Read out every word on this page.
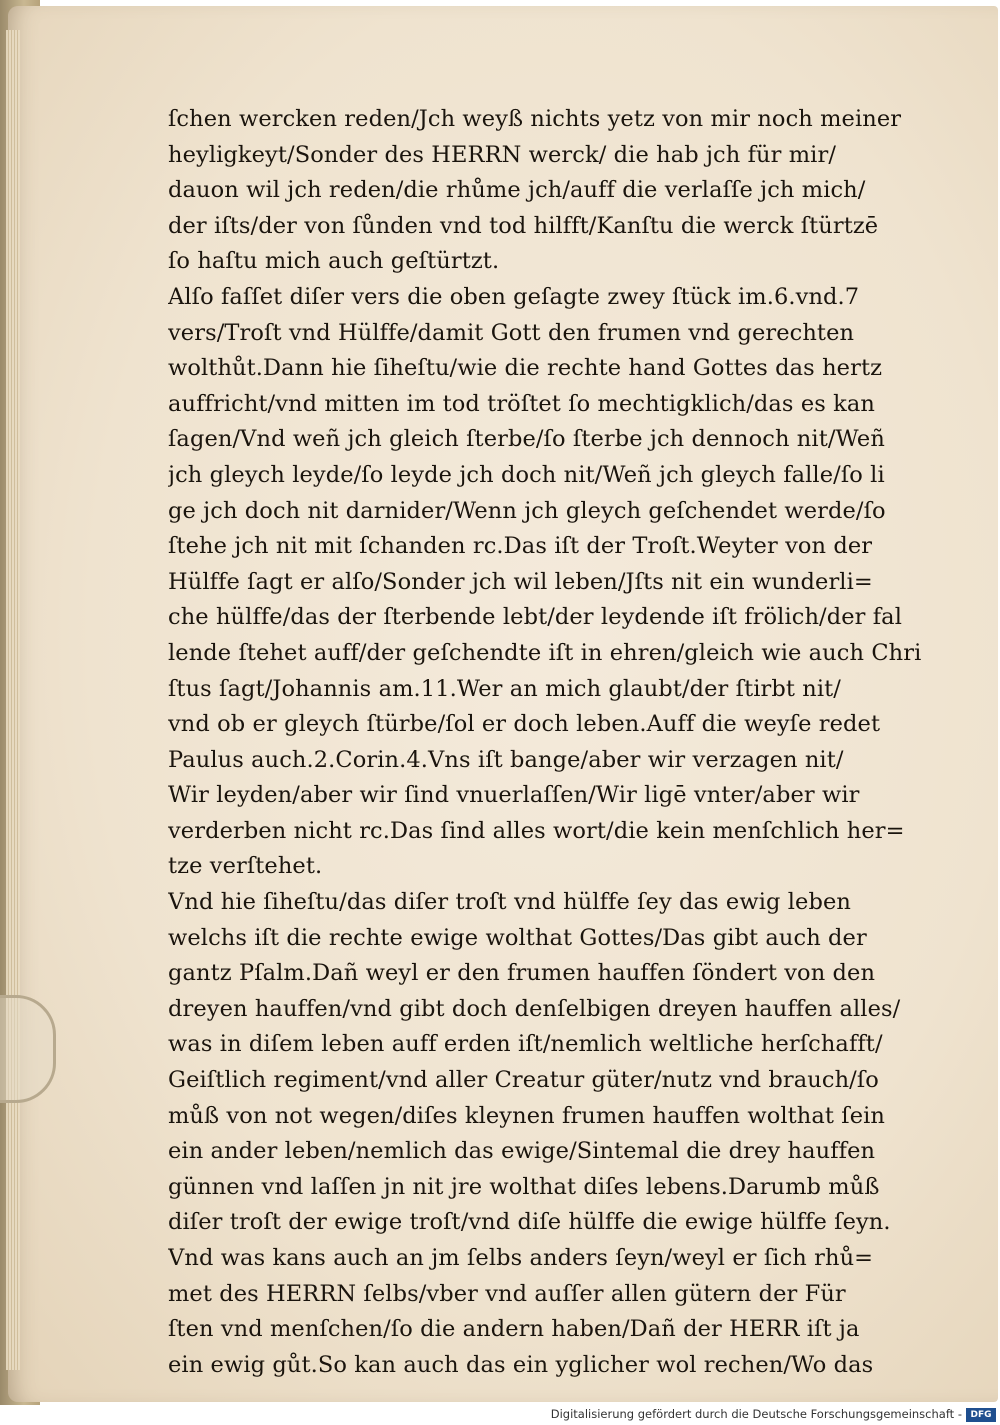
ſchen wercken reden/Jch weyß nichts yetz von mir noch meiner
heyligkeyt/Sonder des HERRN werck/ die hab jch für mir/
dauon wil jch reden/die rhůme jch/auff die verlaſſe jch mich/
der iſts/der von ſůnden vnd tod hilfft/Kanſtu die werck ſtürtzē
ſo haſtu mich auch geſtürtzt.
Alſo faſſet diſer vers die oben geſagte zwey ſtück im.6.vnd.7
vers/Troſt vnd Hülffe/damit Gott den frumen vnd gerechten
wolthůt.Dann hie ſiheſtu/wie die rechte hand Gottes das hertz
auffricht/vnd mitten im tod tröſtet ſo mechtigklich/das es kan
ſagen/Vnd weñ jch gleich ſterbe/ſo ſterbe jch dennoch nit/Weñ
jch gleych leyde/ſo leyde jch doch nit/Weñ jch gleych falle/ſo li
ge jch doch nit darnider/Wenn jch gleych geſchendet werde/ſo
ſtehe jch nit mit ſchanden rc.Das iſt der Troſt.Weyter von der
Hülffe ſagt er alſo/Sonder jch wil leben/Jſts nit ein wunderli=
che hülffe/das der ſterbende lebt/der leydende iſt frölich/der fal
lende ſtehet auff/der geſchendte iſt in ehren/gleich wie auch Chri
ſtus ſagt/Johannis am.11.Wer an mich glaubt/der ſtirbt nit/
vnd ob er gleych ſtürbe/ſol er doch leben.Auff die weyſe redet
Paulus auch.2.Corin.4.Vns iſt bange/aber wir verzagen nit/
Wir leyden/aber wir ſind vnuerlaſſen/Wir ligē vnter/aber wir
verderben nicht rc.Das ſind alles wort/die kein menſchlich her=
tze verſtehet.
Vnd hie ſiheſtu/das diſer troſt vnd hülffe ſey das ewig leben
welchs iſt die rechte ewige wolthat Gottes/Das gibt auch der
gantz Pſalm.Dañ weyl er den frumen hauffen ſöndert von den
dreyen hauffen/vnd gibt doch denſelbigen dreyen hauffen alles/
was in diſem leben auff erden iſt/nemlich weltliche herſchafft/
Geiſtlich regiment/vnd aller Creatur güter/nutz vnd brauch/ſo
můß von not wegen/diſes kleynen frumen hauffen wolthat ſein
ein ander leben/nemlich das ewige/Sintemal die drey hauffen
günnen vnd laſſen jn nit jre wolthat diſes lebens.Darumb můß
diſer troſt der ewige troſt/vnd diſe hülffe die ewige hülffe ſeyn.
Vnd was kans auch an jm ſelbs anders ſeyn/weyl er ſich rhů=
met des HERRN ſelbs/vber vnd auſſer allen gütern der Für
ſten vnd menſchen/ſo die andern haben/Dañ der HERR iſt ja
ein ewig gůt.So kan auch das ein yglicher wol rechen/Wo das
Digitalisierung gefördert durch die Deutsche Forschungsgemeinschaft - DFG
